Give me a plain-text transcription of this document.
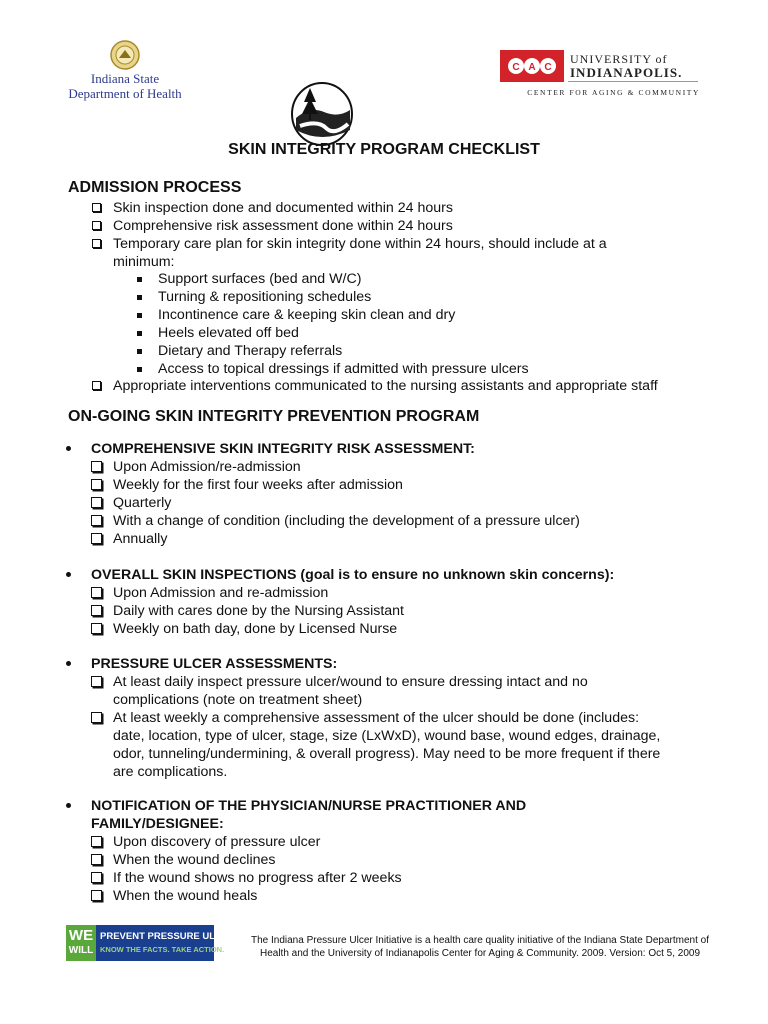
Indiana State
Department of Health
C A C
UNIVERSITY of
INDIANAPOLIS.
CENTER FOR AGING & COMMUNITY
SKIN INTEGRITY PROGRAM CHECKLIST
ADMISSION PROCESS
Skin inspection done and documented within 24 hours
Comprehensive risk assessment done within 24 hours
Temporary care plan for skin integrity done within 24 hours, should include at a
minimum:
Support surfaces (bed and W/C)
Turning & repositioning schedules
Incontinence care & keeping skin clean and dry
Heels elevated off bed
Dietary and Therapy referrals
Access to topical dressings if admitted with pressure ulcers
Appropriate interventions communicated to the nursing assistants and appropriate staff
ON-GOING SKIN INTEGRITY PREVENTION PROGRAM
COMPREHENSIVE SKIN INTEGRITY RISK ASSESSMENT:
Upon Admission/re-admission
Weekly for the first four weeks after admission
Quarterly
With a change of condition (including the development of a pressure ulcer)
Annually
OVERALL SKIN INSPECTIONS (goal is to ensure no unknown skin concerns):
Upon Admission and re-admission
Daily with cares done by the Nursing Assistant
Weekly on bath day, done by Licensed Nurse
PRESSURE ULCER ASSESSMENTS:
At least daily inspect pressure ulcer/wound to ensure dressing intact and no
complications (note on treatment sheet)
At least weekly a comprehensive assessment of the ulcer should be done (includes:
date, location, type of ulcer, stage, size (LxWxD), wound base, wound edges, drainage,
odor, tunneling/undermining, & overall progress). May need to be more frequent if there
are complications.
NOTIFICATION OF THE PHYSICIAN/NURSE PRACTITIONER AND
FAMILY/DESIGNEE:
Upon discovery of pressure ulcer
When the wound declines
If the wound shows no progress after 2 weeks
When the wound heals
WE
WILL
PREVENT PRESSURE ULCERS.
KNOW THE FACTS. TAKE ACTION.
The Indiana Pressure Ulcer Initiative is a health care quality initiative of the Indiana State Department of
Health and the University of Indianapolis Center for Aging & Community. 2009. Version: Oct 5, 2009
